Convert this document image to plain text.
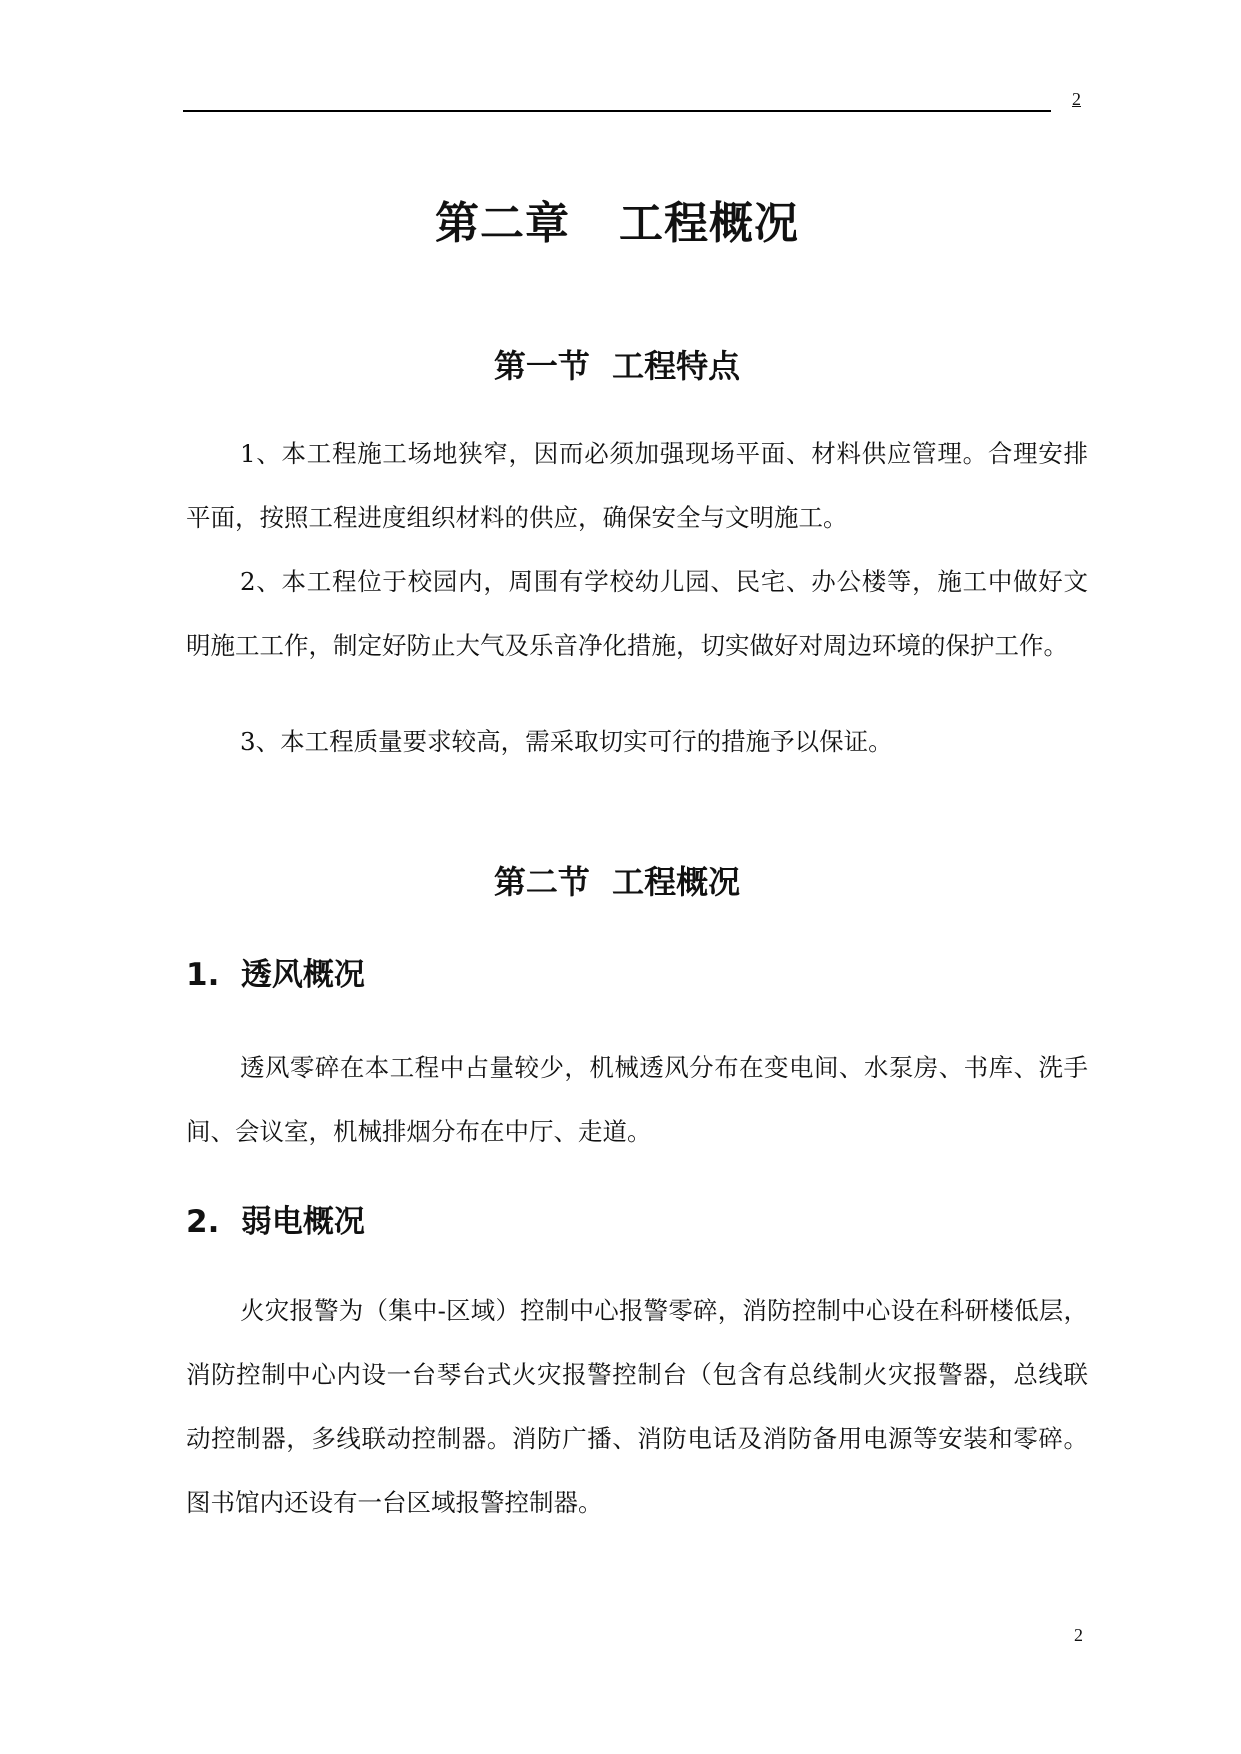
2
第二章   工程概况
第一节  工程特点

1、本工程施工场地狭窄，因而必须加强现场平面、材料供应管理。合理安排平面，按照工程进度组织材料的供应，确保安全与文明施工。

2、本工程位于校园内，周围有学校幼儿园、民宅、办公楼等，施工中做好文明施工工作，制定好防止大气及乐音净化措施，切实做好对周边环境的保护工作。

3、本工程质量要求较高，需采取切实可行的措施予以保证。

第二节  工程概况
1.  透风概况

透风零碎在本工程中占量较少，机械透风分布在变电间、水泵房、书库、洗手间、会议室，机械排烟分布在中厅、走道。

2.  弱电概况

火灾报警为（集中-区域）控制中心报警零碎，消防控制中心设在科研楼低层，消防控制中心内设一台琴台式火灾报警控制台（包含有总线制火灾报警器，总线联动控制器，多线联动控制器。消防广播、消防电话及消防备用电源等安装和零碎。图书馆内还设有一台区域报警控制器。

2
